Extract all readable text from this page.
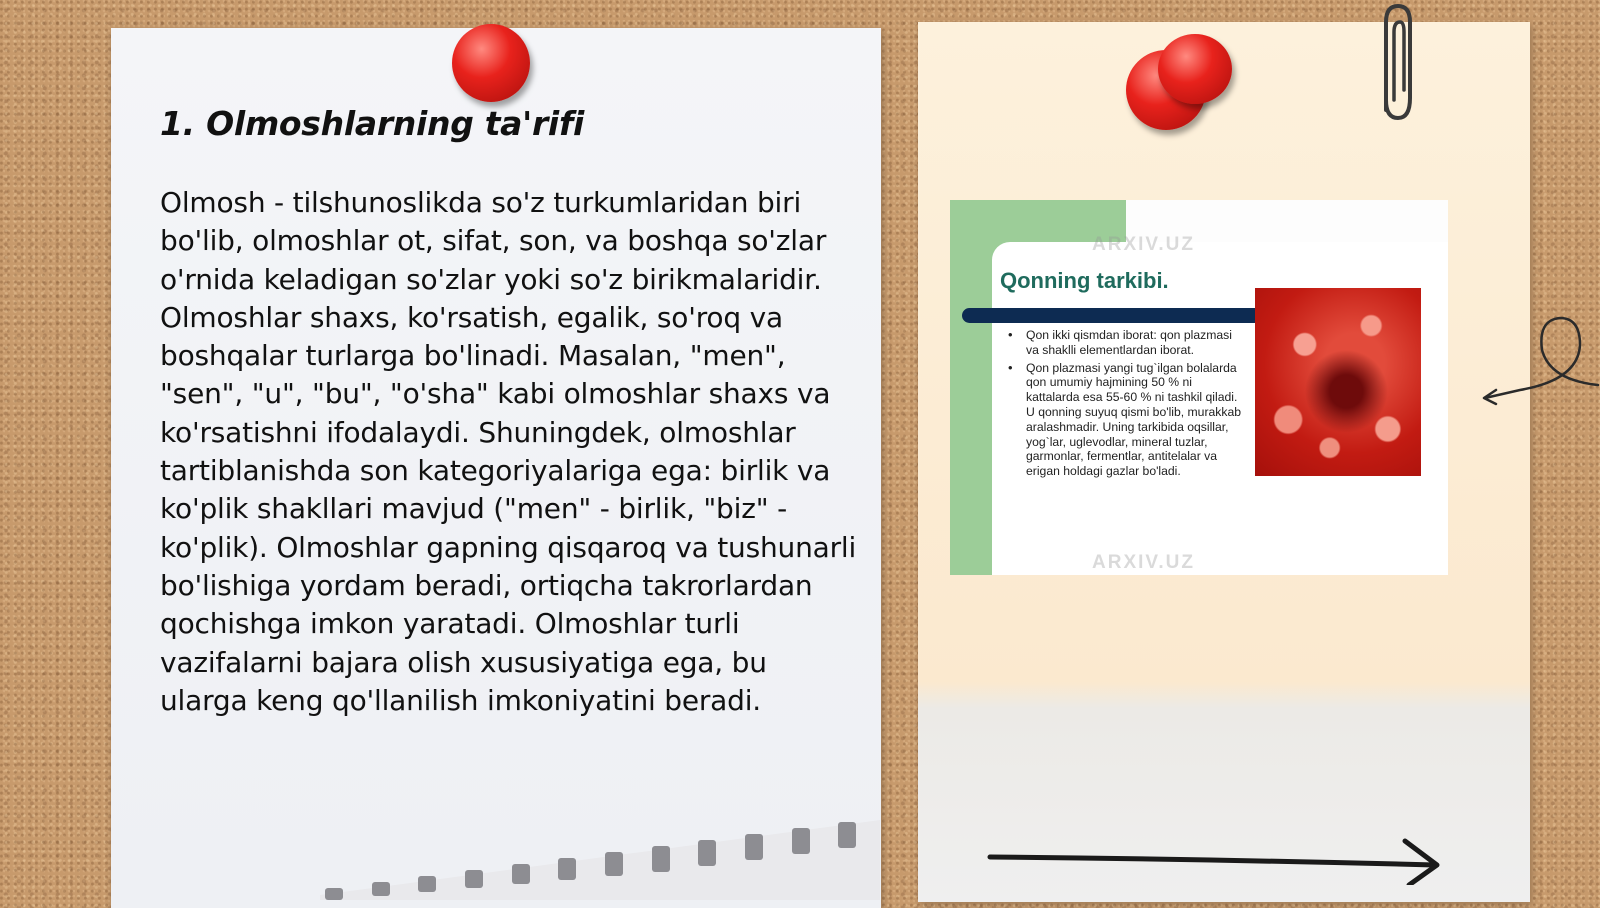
1. Olmoshlarning ta'rifi

Olmosh - tilshunoslikda so'z turkumlaridan biri bo'lib, olmoshlar ot, sifat, son, va boshqa so'zlar o'rnida keladigan so'zlar yoki so'z birikmalaridir. Olmoshlar shaxs, ko'rsatish, egalik, so'roq va boshqalar turlarga bo'linadi. Masalan, "men", "sen", "u", "bu", "o'sha" kabi olmoshlar shaxs va ko'rsatishni ifodalaydi. Shuningdek, olmoshlar tartiblanishda son kategoriyalariga ega: birlik va ko'plik shakllari mavjud ("men" - birlik, "biz" - ko'plik). Olmoshlar gapning qisqaroq va tushunarli bo'lishiga yordam beradi, ortiqcha takrorlardan qochishga imkon yaratadi. Olmoshlar turli vazifalarni bajara olish xususiyatiga ega, bu ularga keng qo'llanilish imkoniyatini beradi.

ARXIV.UZ
Qonning tarkibi.
• Qon ikki qismdan iborat: qon plazmasi va shaklli elementlardan iborat.
• Qon plazmasi yangi tug`ilgan bolalarda qon umumiy hajmining 50 % ni kattalarda esa 55-60 % ni tashkil qiladi. U qonning suyuq qismi bo'lib, murakkab aralashmadir. Uning tarkibida oqsillar, yog`lar, uglevodlar, mineral tuzlar, garmonlar, fermentlar, antitelalar va erigan holdagi gazlar bo'ladi.
ARXIV.UZ
